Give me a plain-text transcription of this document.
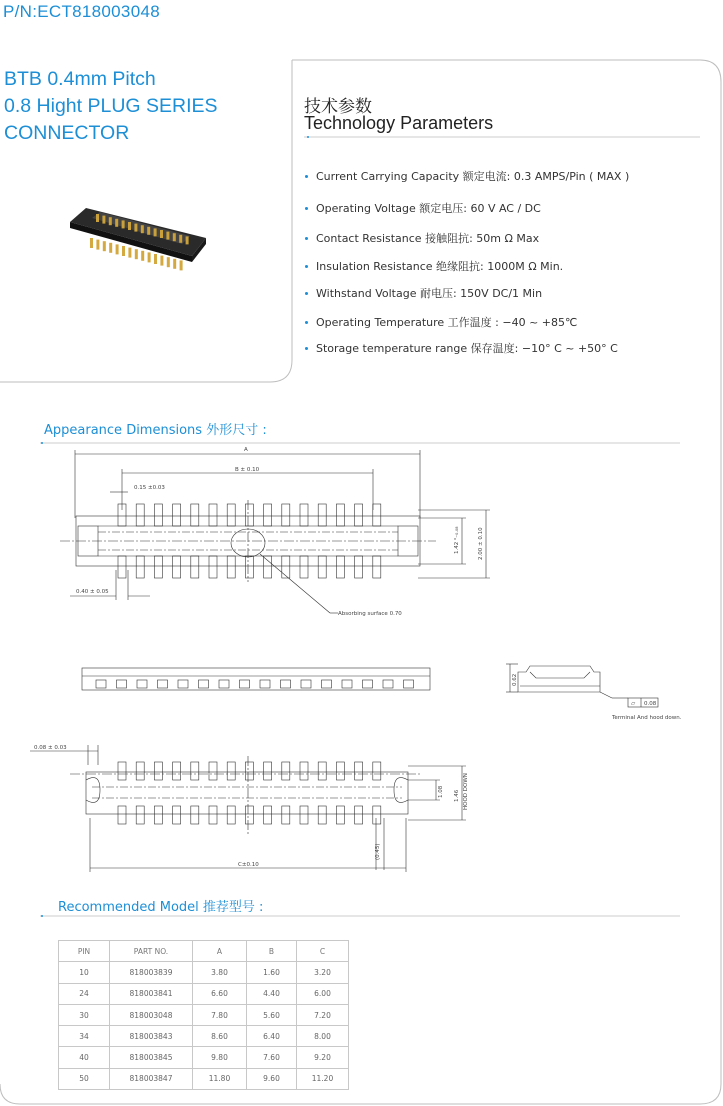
P/N:ECT818003048
BTB 0.4mm Pitch
0.8 Hight PLUG SERIES
CONNECTOR
技术参数
Technology Parameters
Current Carrying Capacity 额定电流: 0.3 AMPS/Pin ( MAX )
Operating Voltage 额定电压: 60 V AC / DC
Contact Resistance 接触阻抗: 50m Ω Max
Insulation Resistance 绝缘阻抗: 1000M Ω Min.
Withstand Voltage 耐电压: 150V DC/1 Min
Operating Temperature 工作温度 : −40 ~ +85℃
Storage temperature range 保存温度: −10° C ~ +50° C
Appearance Dimensions 外形尺寸 :
A
B ± 0.10
0.15 ±0.03
0.40 ± 0.05
Absorbing surface 0.70
1.42 ⁰₋₀.₀₈	2.00 ± 0.10
0.62
▱ 0.08
Terminal And hood down.
0.08 ± 0.03
1.08 1.46 HOOD DOWN
(0.45)
C±0.10
Recommended Model 推荐型号 :
PIN	PART NO.	A	B	C
10	818003839	3.80	1.60	3.20
24	818003841	6.60	4.40	6.00
30	818003048	7.80	5.60	7.20
34	818003843	8.60	6.40	8.00
40	818003845	9.80	7.60	9.20
50	818003847	11.80	9.60	11.20
